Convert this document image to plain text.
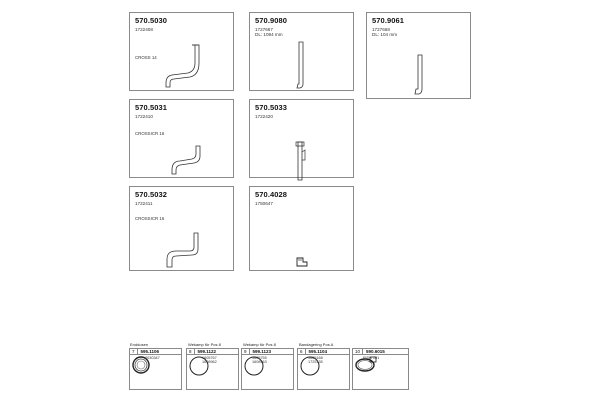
570.5030
1722408
CROSS 14
570.9080
1727667
DL: 1094 mm
570.9061
1727668
DL: 104 mm
570.5031
1722410
CROSSICR 16
570.5033
1722420
570.5032
1722411
CROSSICR 16
570.4028
1750647
Enddosen
7 595.1106
2030347
Wekamp für Pos 8
8 599.1122
1605767
1608962
Wekamp für Pos 8
9 599.1123
1605755
1608963
Bandagering Pos A
6 595.1104
1625168
1725135
10 590.6015
PIDS 101
